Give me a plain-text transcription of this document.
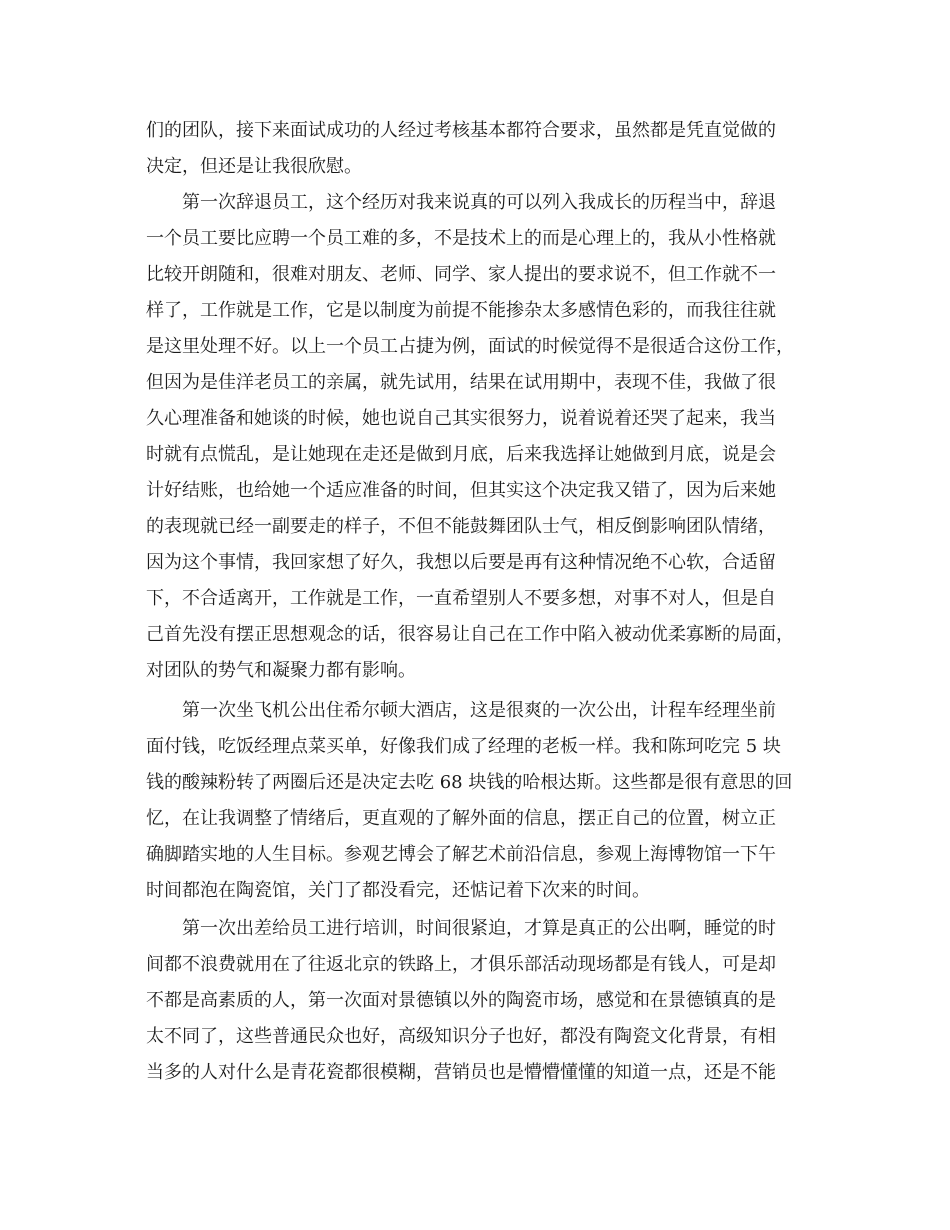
们的团队，接下来面试成功的人经过考核基本都符合要求，虽然都是凭直觉做的

决定，但还是让我很欣慰。

第一次辞退员工，这个经历对我来说真的可以列入我成长的历程当中，辞退

一个员工要比应聘一个员工难的多，不是技术上的而是心理上的，我从小性格就

比较开朗随和，很难对朋友、老师、同学、家人提出的要求说不，但工作就不一

样了，工作就是工作，它是以制度为前提不能掺杂太多感情色彩的，而我往往就

是这里处理不好。以上一个员工占捷为例，面试的时候觉得不是很适合这份工作，

但因为是佳洋老员工的亲属，就先试用，结果在试用期中，表现不佳，我做了很

久心理准备和她谈的时候，她也说自己其实很努力，说着说着还哭了起来，我当

时就有点慌乱，是让她现在走还是做到月底，后来我选择让她做到月底，说是会

计好结账，也给她一个适应准备的时间，但其实这个决定我又错了，因为后来她

的表现就已经一副要走的样子，不但不能鼓舞团队士气，相反倒影响团队情绪，

因为这个事情，我回家想了好久，我想以后要是再有这种情况绝不心软，合适留

下，不合适离开，工作就是工作，一直希望别人不要多想，对事不对人，但是自

己首先没有摆正思想观念的话，很容易让自己在工作中陷入被动优柔寡断的局面，

对团队的势气和凝聚力都有影响。

第一次坐飞机公出住希尔顿大酒店，这是很爽的一次公出，计程车经理坐前

面付钱，吃饭经理点菜买单，好像我们成了经理的老板一样。我和陈珂吃完 5 块

钱的酸辣粉转了两圈后还是决定去吃 68 块钱的哈根达斯。这些都是很有意思的回

忆，在让我调整了情绪后，更直观的了解外面的信息，摆正自己的位置，树立正

确脚踏实地的人生目标。参观艺博会了解艺术前沿信息，参观上海博物馆一下午

时间都泡在陶瓷馆，关门了都没看完，还惦记着下次来的时间。

第一次出差给员工进行培训，时间很紧迫，才算是真正的公出啊，睡觉的时

间都不浪费就用在了往返北京的铁路上，才俱乐部活动现场都是有钱人，可是却

不都是高素质的人，第一次面对景德镇以外的陶瓷市场，感觉和在景德镇真的是

太不同了，这些普通民众也好，高级知识分子也好，都没有陶瓷文化背景，有相

当多的人对什么是青花瓷都很模糊，营销员也是懵懵懂懂的知道一点，还是不能
